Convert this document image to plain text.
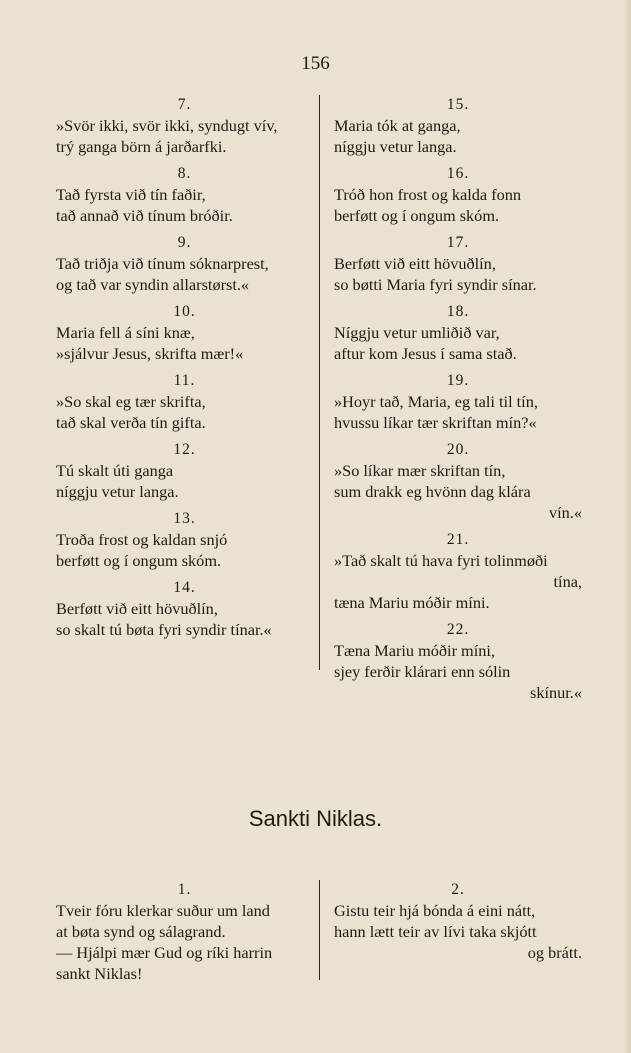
156
7.
»Svör ikki, svör ikki, syndugt vív,
trý ganga börn á jarðarfki.
8.
Tað fyrsta við tín faðir,
tað annað við tínum bróðir.
9.
Tað triðja við tínum sóknarprest,
og tað var syndin allarstørst.«
10.
Maria fell á síni knæ,
»sjálvur Jesus, skrifta mær!«
11.
»So skal eg tær skrifta,
tað skal verða tín gifta.
12.
Tú skalt úti ganga
níggju vetur langa.
13.
Troða frost og kaldan snjó
berføtt og í ongum skóm.
14.
Berføtt við eitt hövuðlín,
so skalt tú bøta fyri syndir tínar.«
15.
Maria tók at ganga,
níggju vetur langa.
16.
Tróð hon frost og kalda fonn
berføtt og í ongum skóm.
17.
Berføtt við eitt hövuðlín,
so bøtti Maria fyri syndir sínar.
18.
Níggju vetur umliðið var,
aftur kom Jesus í sama stað.
19.
»Hoyr tað, Maria, eg tali til tín,
hvussu líkar tær skriftan mín?«
20.
»So líkar mær skriftan tín,
sum drakk eg hvönn dag klára
vín.«
21.
»Tað skalt tú hava fyri tolinmøði
tína,
tæna Mariu móðir míni.
22.
Tæna Mariu móðir míni,
sjey ferðir klárari enn sólin
skínur.«
Sankti Niklas.
1.
Tveir fóru klerkar suður um land
at bøta synd og sálagrand.
— Hjálpi mær Gud og ríki harrin
sankt Niklas!
2.
Gistu teir hjá bónda á eini nátt,
hann lætt teir av lívi taka skjótt
og brátt.
